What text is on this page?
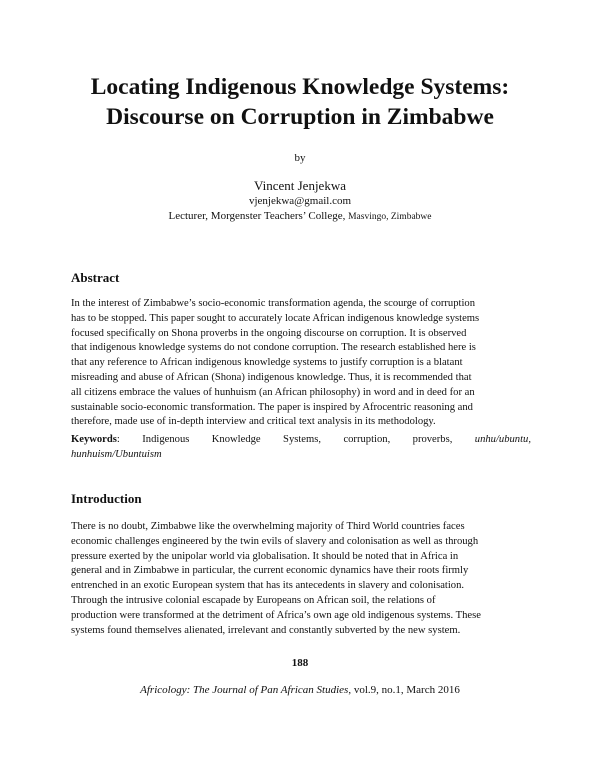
Locating Indigenous Knowledge Systems:
Discourse on Corruption in Zimbabwe
by
Vincent Jenjekwa
vjenjekwa@gmail.com
Lecturer, Morgenster Teachers’ College, Masvingo, Zimbabwe
Abstract
In the interest of Zimbabwe’s socio-economic transformation agenda, the scourge of corruption
has to be stopped. This paper sought to accurately locate African indigenous knowledge systems
focused specifically on Shona proverbs in the ongoing discourse on corruption. It is observed
that indigenous knowledge systems do not condone corruption. The research established here is
that any reference to African indigenous knowledge systems to justify corruption is a blatant
misreading and abuse of African (Shona) indigenous knowledge. Thus, it is recommended that
all citizens embrace the values of hunhuism (an African philosophy) in word and in deed for an
sustainable socio-economic transformation. The paper is inspired by Afrocentric reasoning and
therefore, made use of in-depth interview and critical text analysis in its methodology.
Keywords: Indigenous Knowledge Systems, corruption, proverbs, unhu/ubuntu,
hunhuism/Ubuntuism
Introduction
There is no doubt, Zimbabwe like the overwhelming majority of Third World countries faces
economic challenges engineered by the twin evils of slavery and colonisation as well as through
pressure exerted by the unipolar world via globalisation. It should be noted that in Africa in
general and in Zimbabwe in particular, the current economic dynamics have their roots firmly
entrenched in an exotic European system that has its antecedents in slavery and colonisation.
Through the intrusive colonial escapade by Europeans on African soil, the relations of
production were transformed at the detriment of Africa’s own age old indigenous systems. These
systems found themselves alienated, irrelevant and constantly subverted by the new system.
188
Africology: The Journal of Pan African Studies, vol.9, no.1, March 2016
